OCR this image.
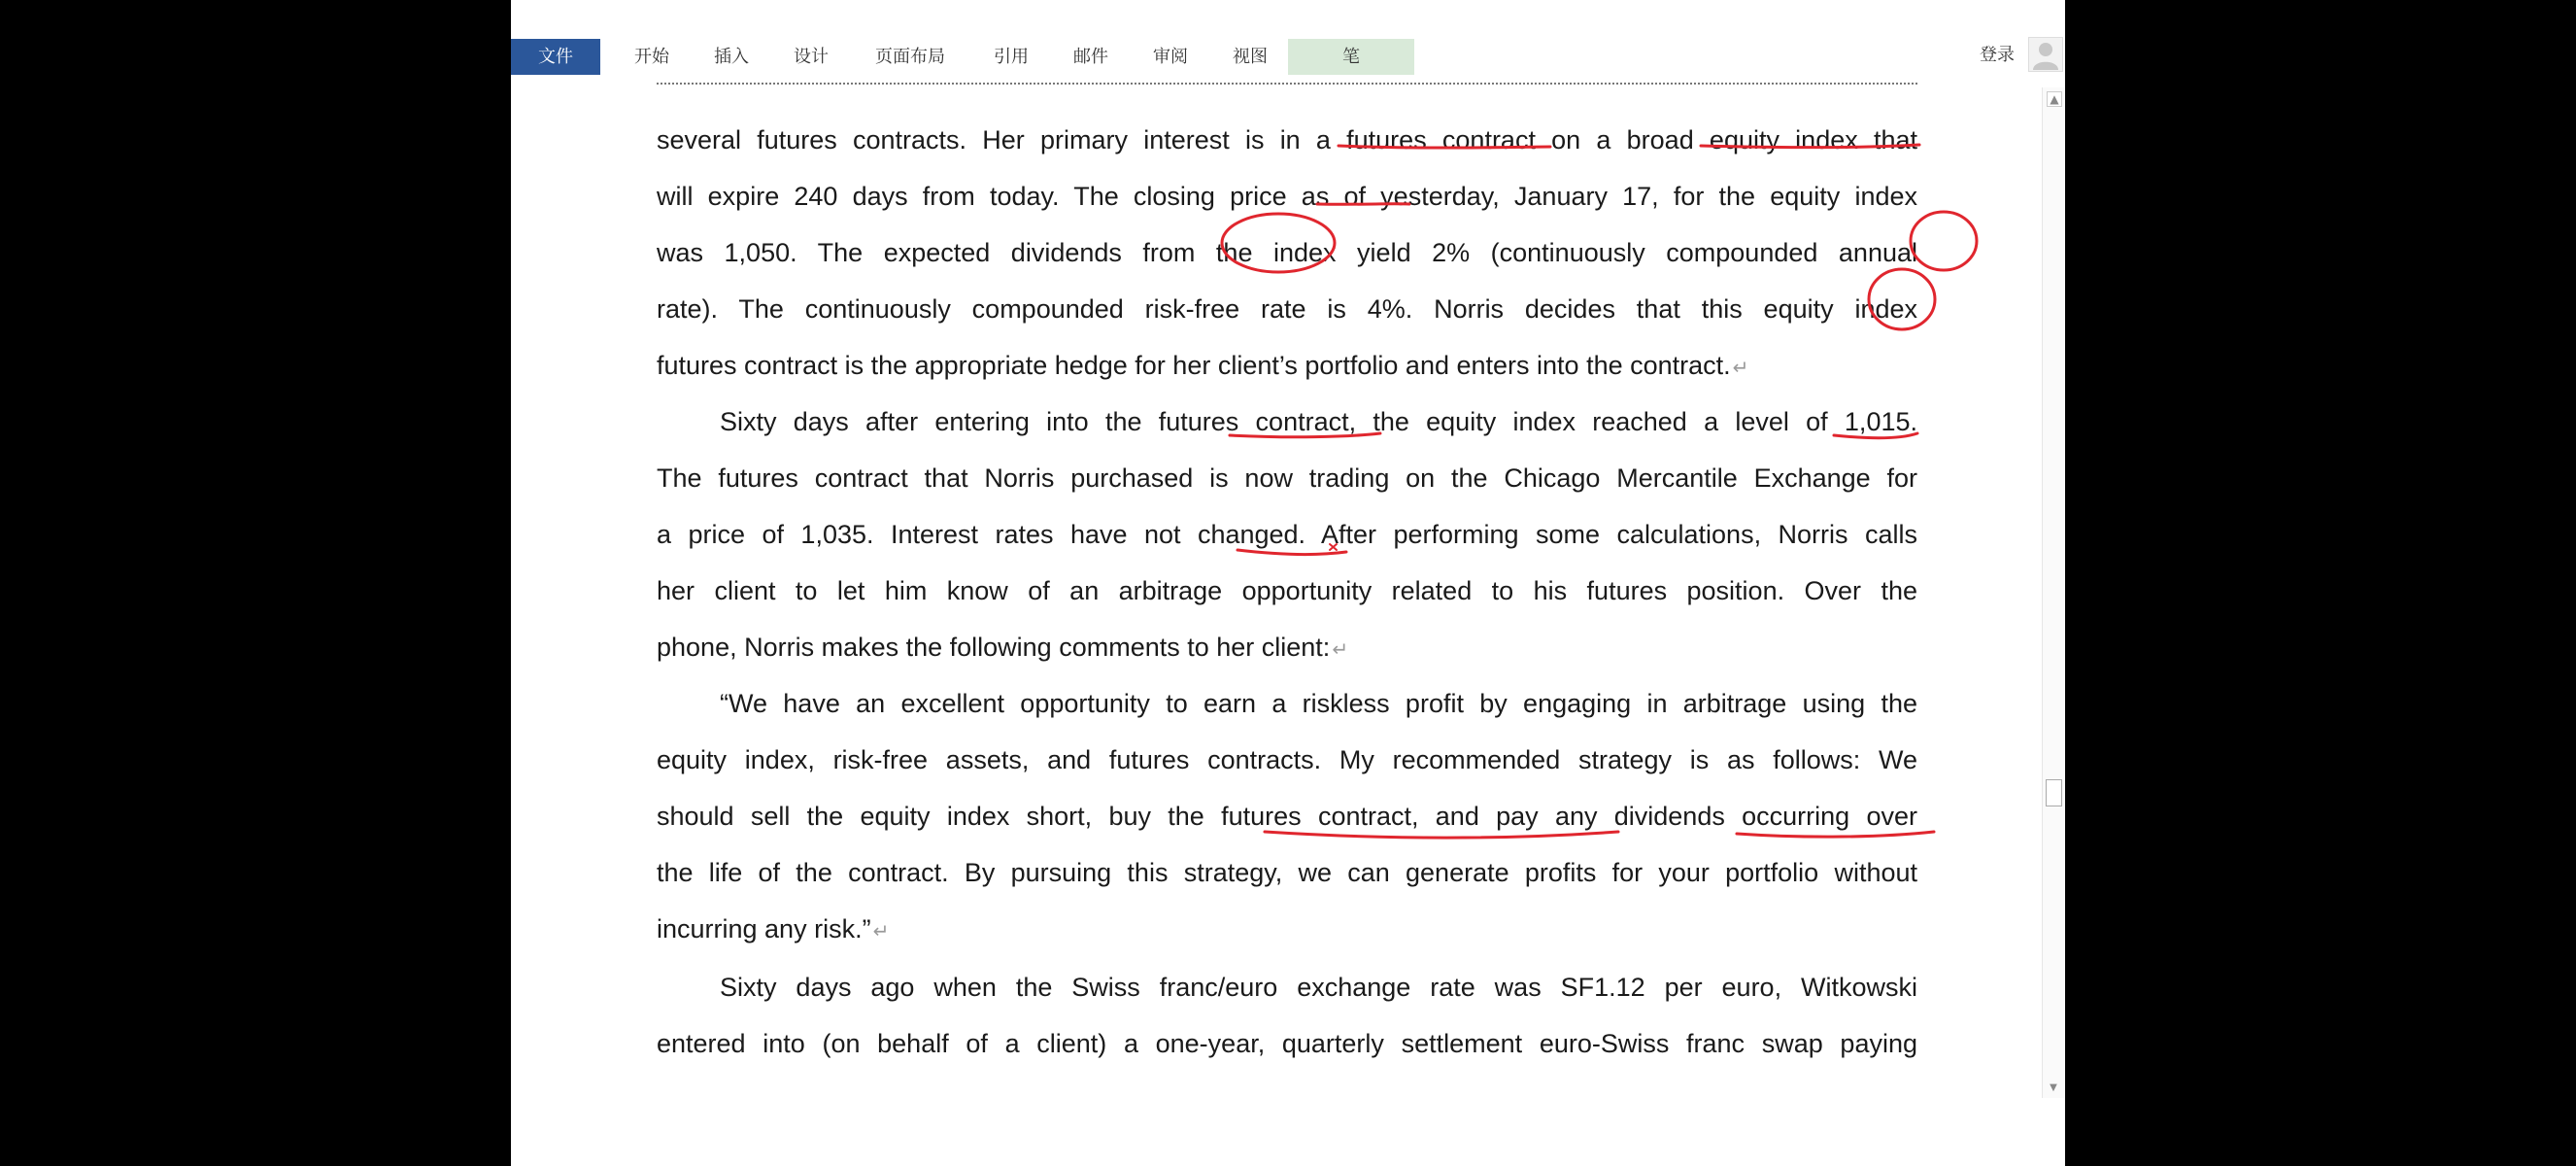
文件	开始	插入	设计	页面布局	引用	邮件	审阅	视图	笔	登录
several futures contracts. Her primary interest is in a futures contract on a broad equity index that
will expire 240 days from today. The closing price as of yesterday, January 17, for the equity index
was 1,050. The expected dividends from the index yield 2% (continuously compounded annual
rate). The continuously compounded risk-free rate is 4%. Norris decides that this equity index
futures contract is the appropriate hedge for her client’s portfolio and enters into the contract. ↵
Sixty days after entering into the futures contract, the equity index reached a level of 1,015.
The futures contract that Norris purchased is now trading on the Chicago Mercantile Exchange for
a price of 1,035. Interest rates have not changed. After performing some calculations, Norris calls
her client to let him know of an arbitrage opportunity related to his futures position. Over the
phone, Norris makes the following comments to her client: ↵
“We have an excellent opportunity to earn a riskless profit by engaging in arbitrage using the
equity index, risk-free assets, and futures contracts. My recommended strategy is as follows: We
should sell the equity index short, buy the futures contract, and pay any dividends occurring over
the life of the contract. By pursuing this strategy, we can generate profits for your portfolio without
incurring any risk.” ↵
Sixty days ago when the Swiss franc/euro exchange rate was SF1.12 per euro, Witkowski
entered into (on behalf of a client) a one-year, quarterly settlement euro-Swiss franc swap paying
▲
▼
